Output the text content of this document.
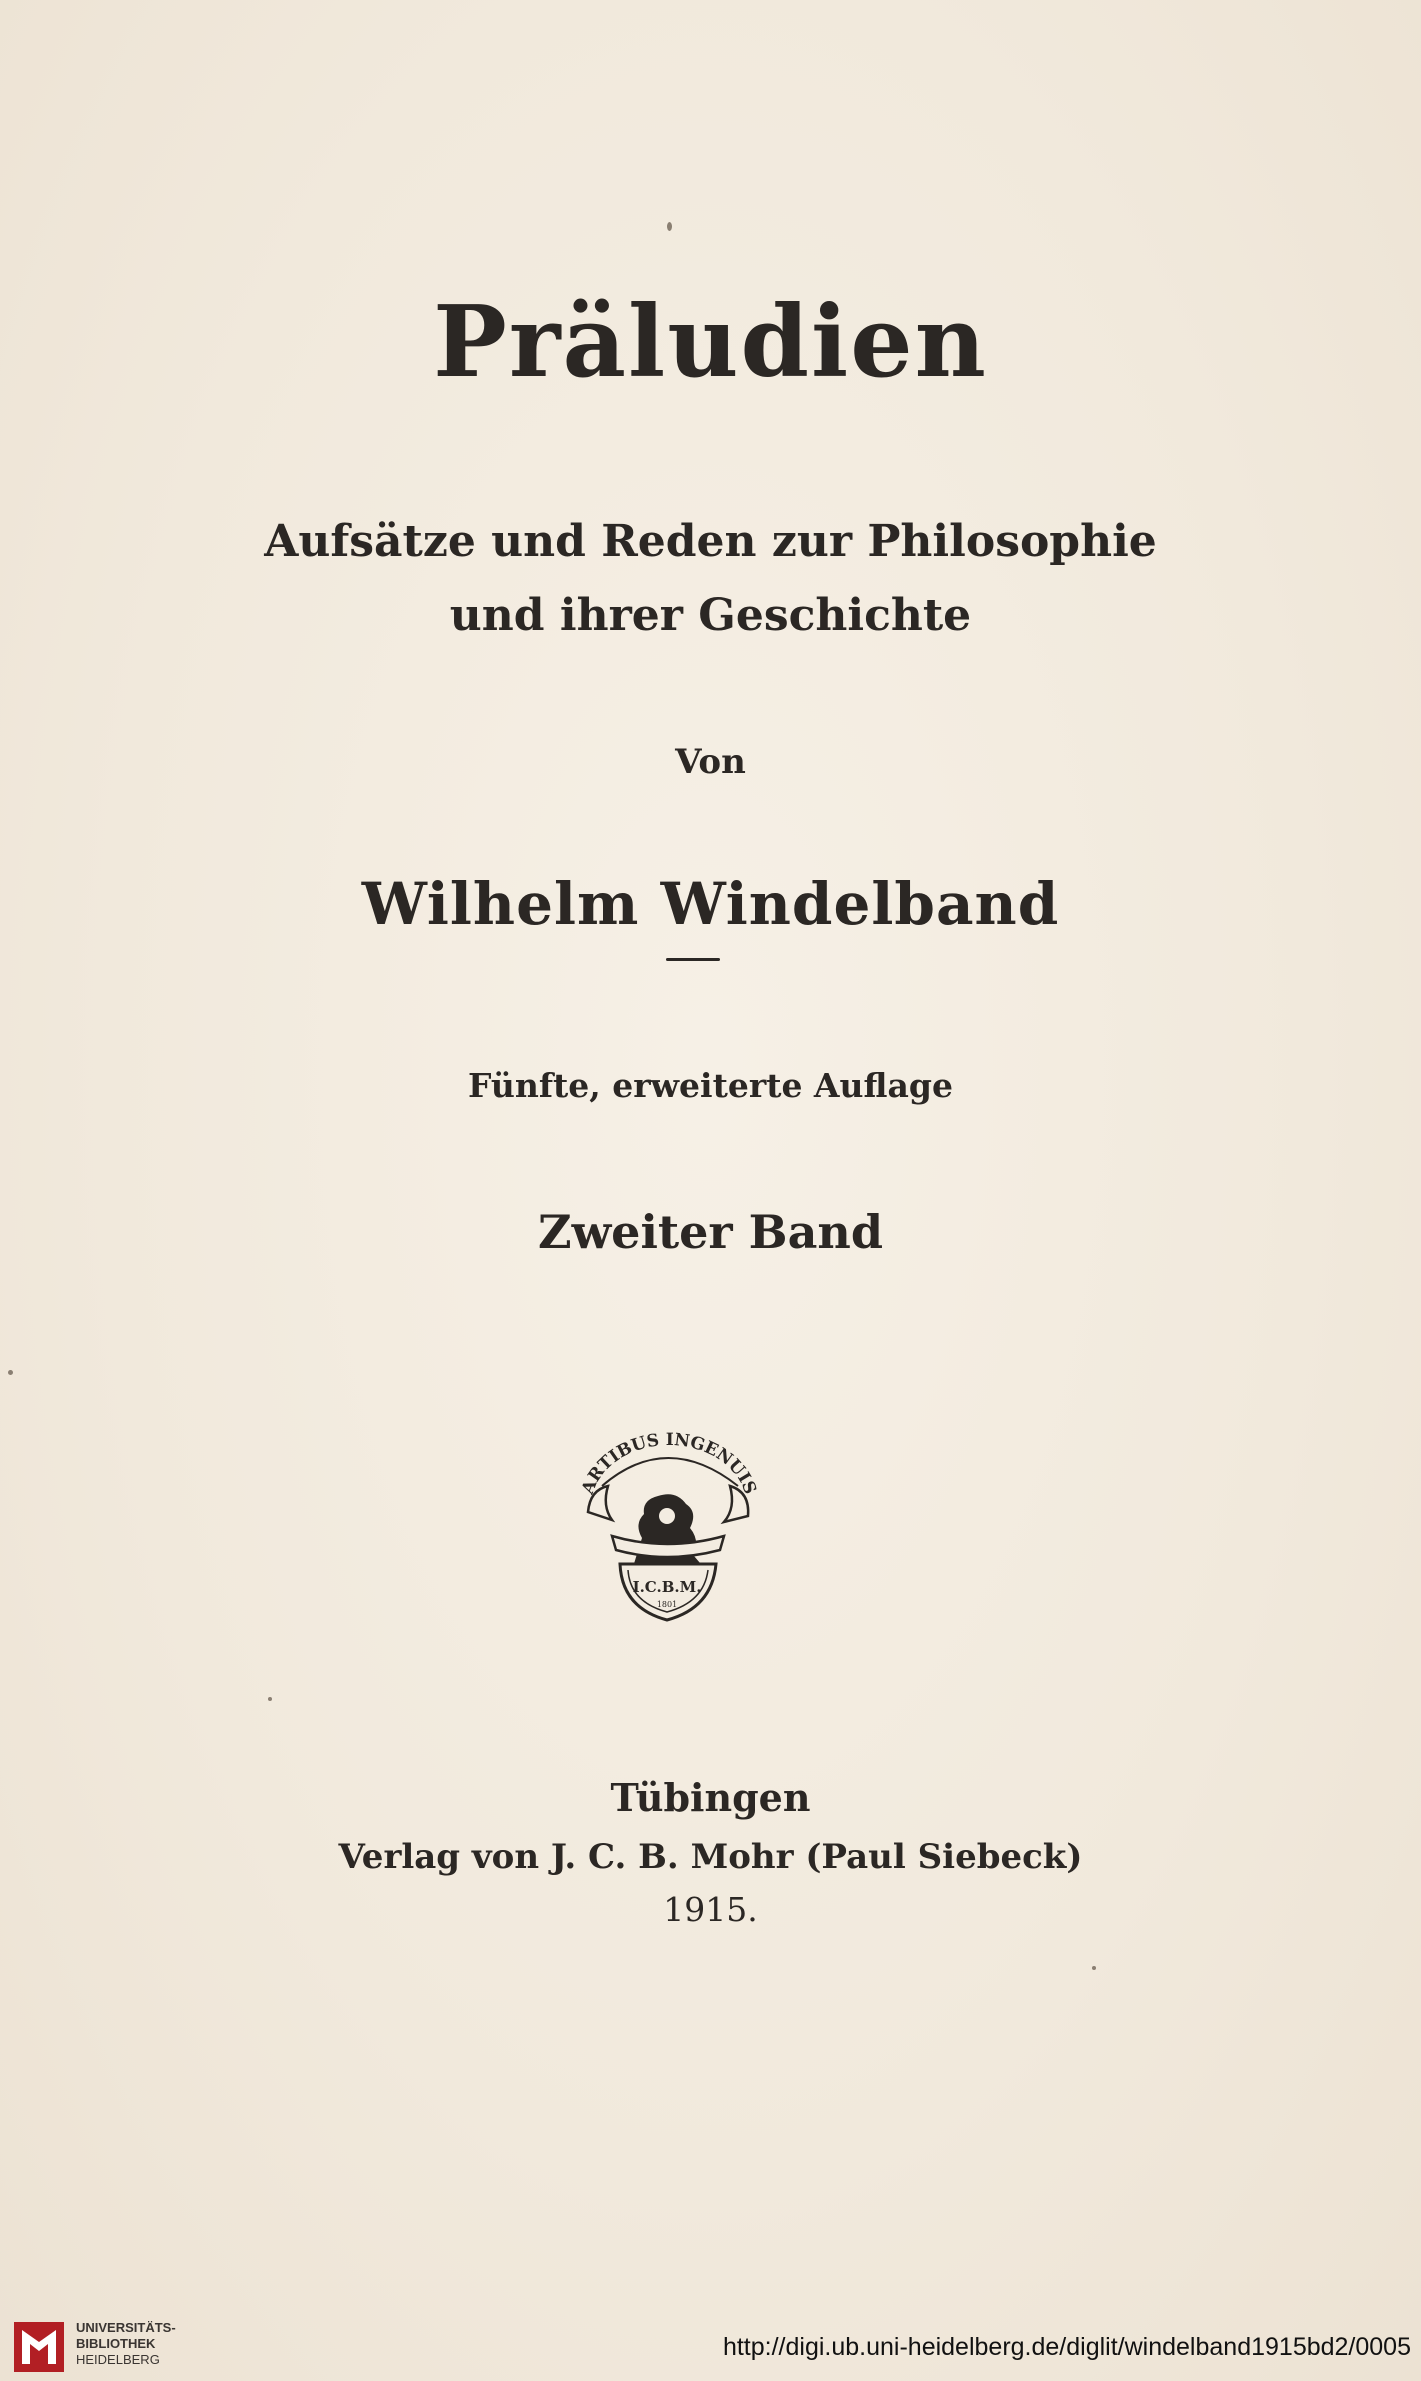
Präludien
Aufsätze und Reden zur Philosophie
und ihrer Geschichte
Von
Wilhelm Windelband
Fünfte, erweiterte Auflage
Zweiter Band
ARTIBUS INGENUIS
I.C.B.M.
1801
Tübingen
Verlag von J. C. B. Mohr (Paul Siebeck)
1915.
UNIVERSITÄTS-
BIBLIOTHEK
HEIDELBERG	http://digi.ub.uni-heidelberg.de/diglit/windelband1915bd2/0005
